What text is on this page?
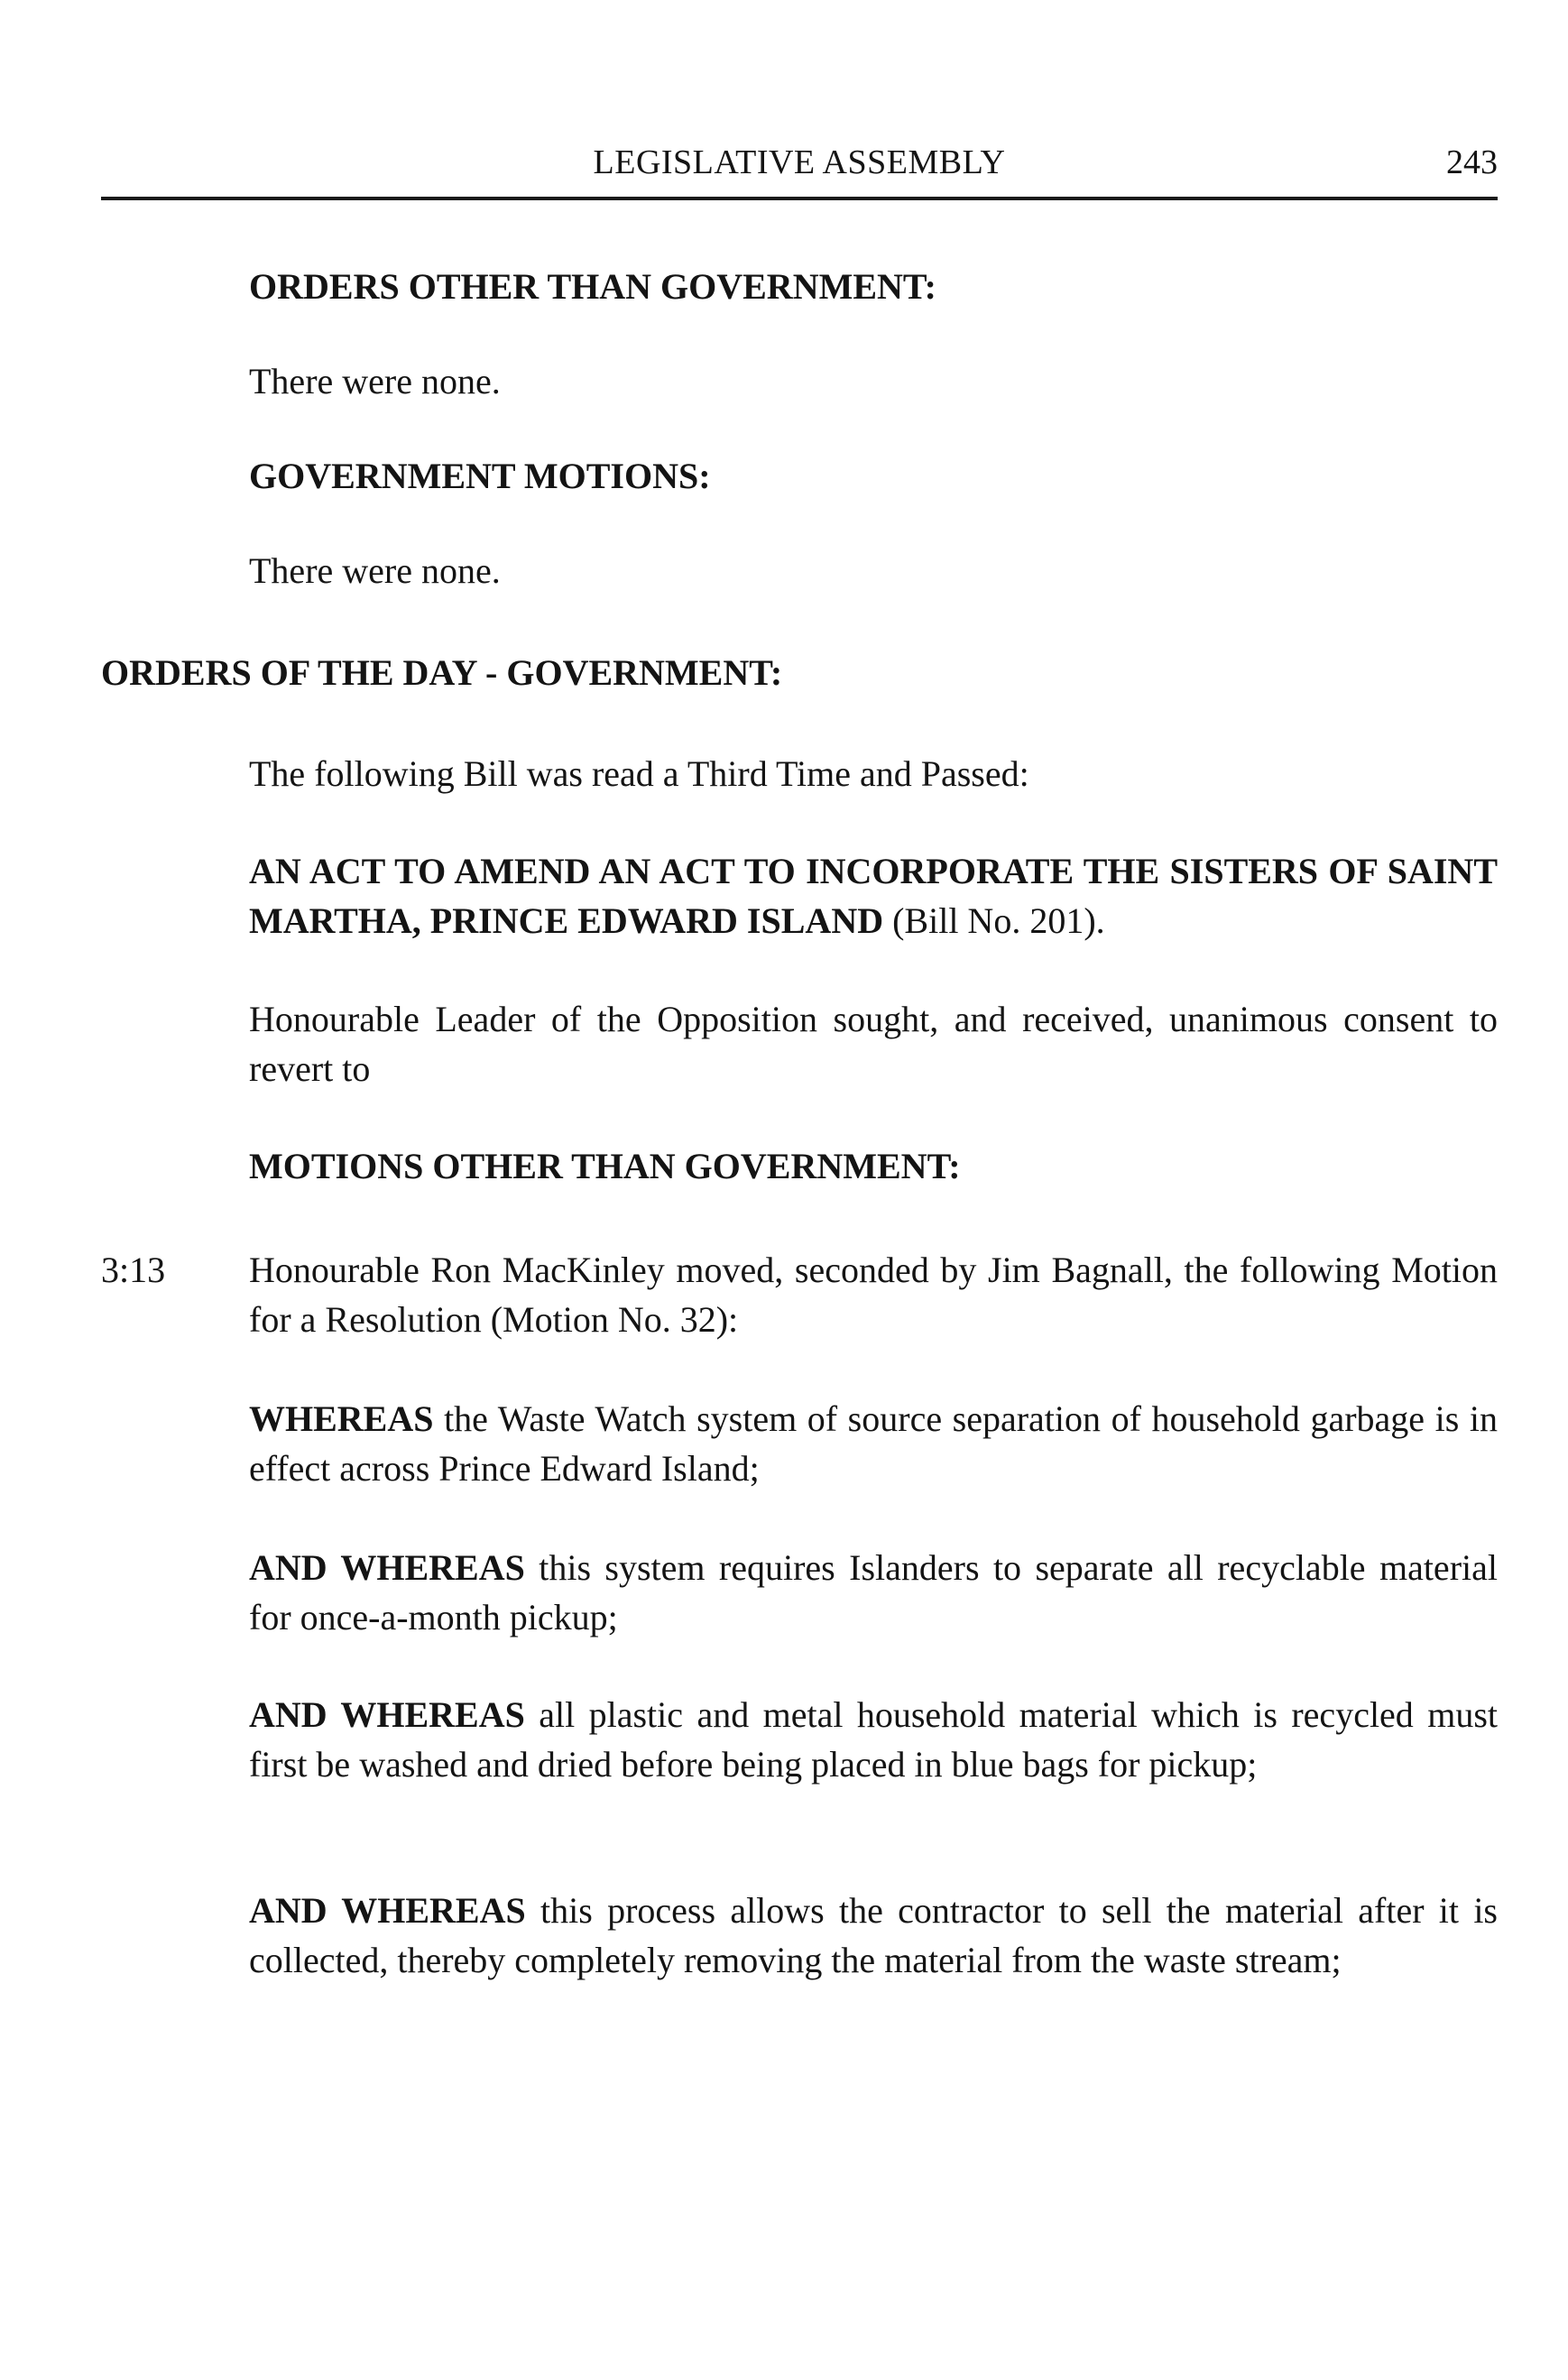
LEGISLATIVE ASSEMBLY	243
ORDERS OTHER THAN GOVERNMENT:
There were none.
GOVERNMENT MOTIONS:
There were none.
ORDERS OF THE DAY - GOVERNMENT:
The following Bill was read a Third Time and Passed:
AN ACT TO AMEND AN ACT TO INCORPORATE THE SISTERS OF SAINT MARTHA, PRINCE EDWARD ISLAND (Bill No. 201).
Honourable Leader of the Opposition sought, and received, unanimous consent to revert to
MOTIONS OTHER THAN GOVERNMENT:
3:13 Honourable Ron MacKinley moved, seconded by Jim Bagnall, the following Motion for a Resolution (Motion No. 32):
WHEREAS the Waste Watch system of source separation of household garbage is in effect across Prince Edward Island;
AND WHEREAS this system requires Islanders to separate all recyclable material for once-a-month pickup;
AND WHEREAS all plastic and metal household material which is recycled must first be washed and dried before being placed in blue bags for pickup;
AND WHEREAS this process allows the contractor to sell the material after it is collected, thereby completely removing the material from the waste stream;
